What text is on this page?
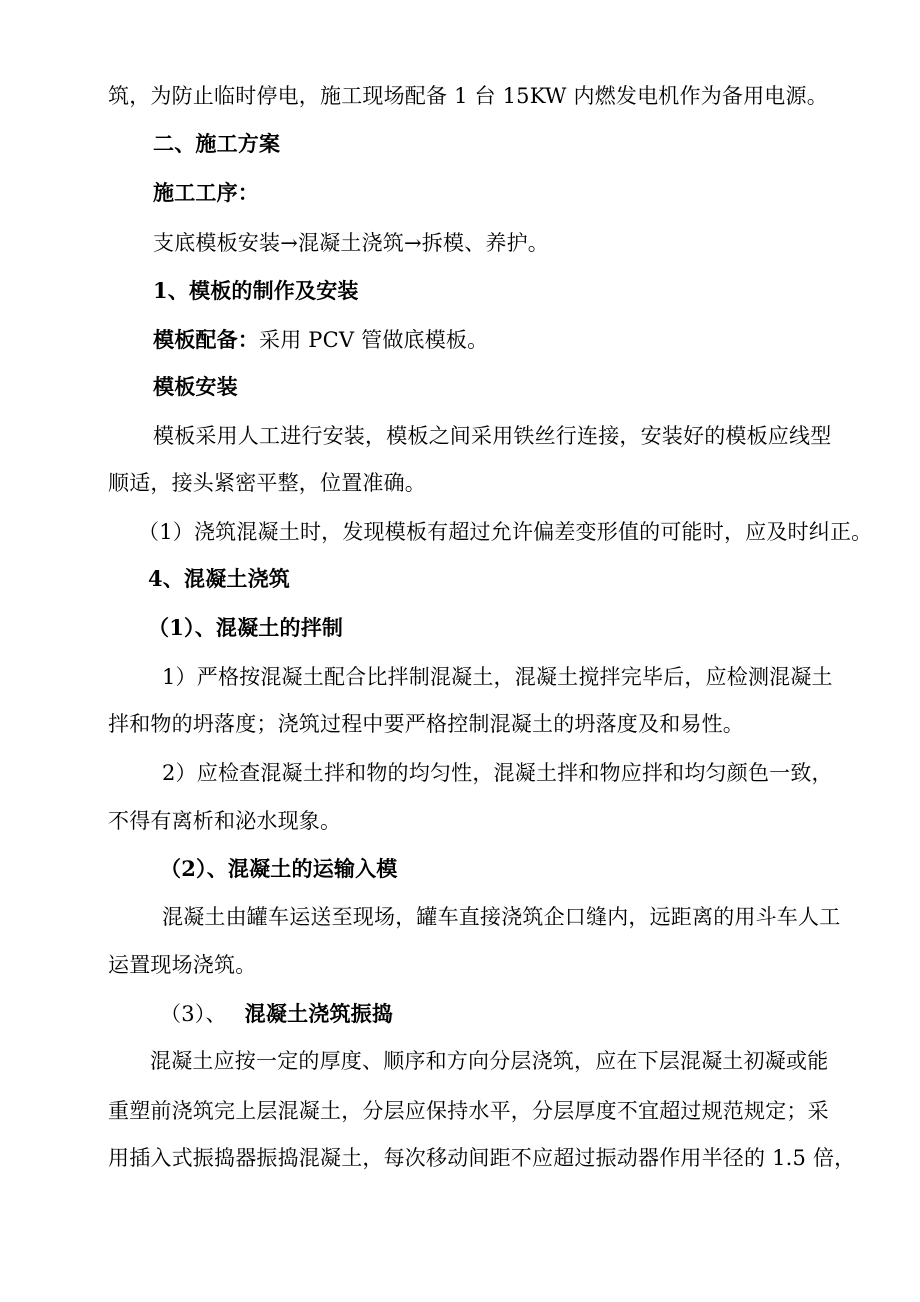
筑，为防止临时停电，施工现场配备 1 台 15KW 内燃发电机作为备用电源。
二、施工方案
施工工序：
支底模板安装→混凝土浇筑→拆模、养护。
1、模板的制作及安装
模板配备：采用 PCV 管做底模板。
模板安装
模板采用人工进行安装，模板之间采用铁丝行连接，安装好的模板应线型
顺适，接头紧密平整，位置准确。
（1）浇筑混凝土时，发现模板有超过允许偏差变形值的可能时，应及时纠正。
4、混凝土浇筑
（1）、混凝土的拌制
1）严格按混凝土配合比拌制混凝土，混凝土搅拌完毕后，应检测混凝土
拌和物的坍落度；浇筑过程中要严格控制混凝土的坍落度及和易性。
2）应检查混凝土拌和物的均匀性，混凝土拌和物应拌和均匀颜色一致，
不得有离析和泌水现象。
（2）、混凝土的运输入模
混凝土由罐车运送至现场，罐车直接浇筑企口缝内，远距离的用斗车人工
运置现场浇筑。
（3）、 混凝土浇筑振捣
混凝土应按一定的厚度、顺序和方向分层浇筑，应在下层混凝土初凝或能
重塑前浇筑完上层混凝土，分层应保持水平，分层厚度不宜超过规范规定；采
用插入式振捣器振捣混凝土，每次移动间距不应超过振动器作用半径的 1.5 倍，
